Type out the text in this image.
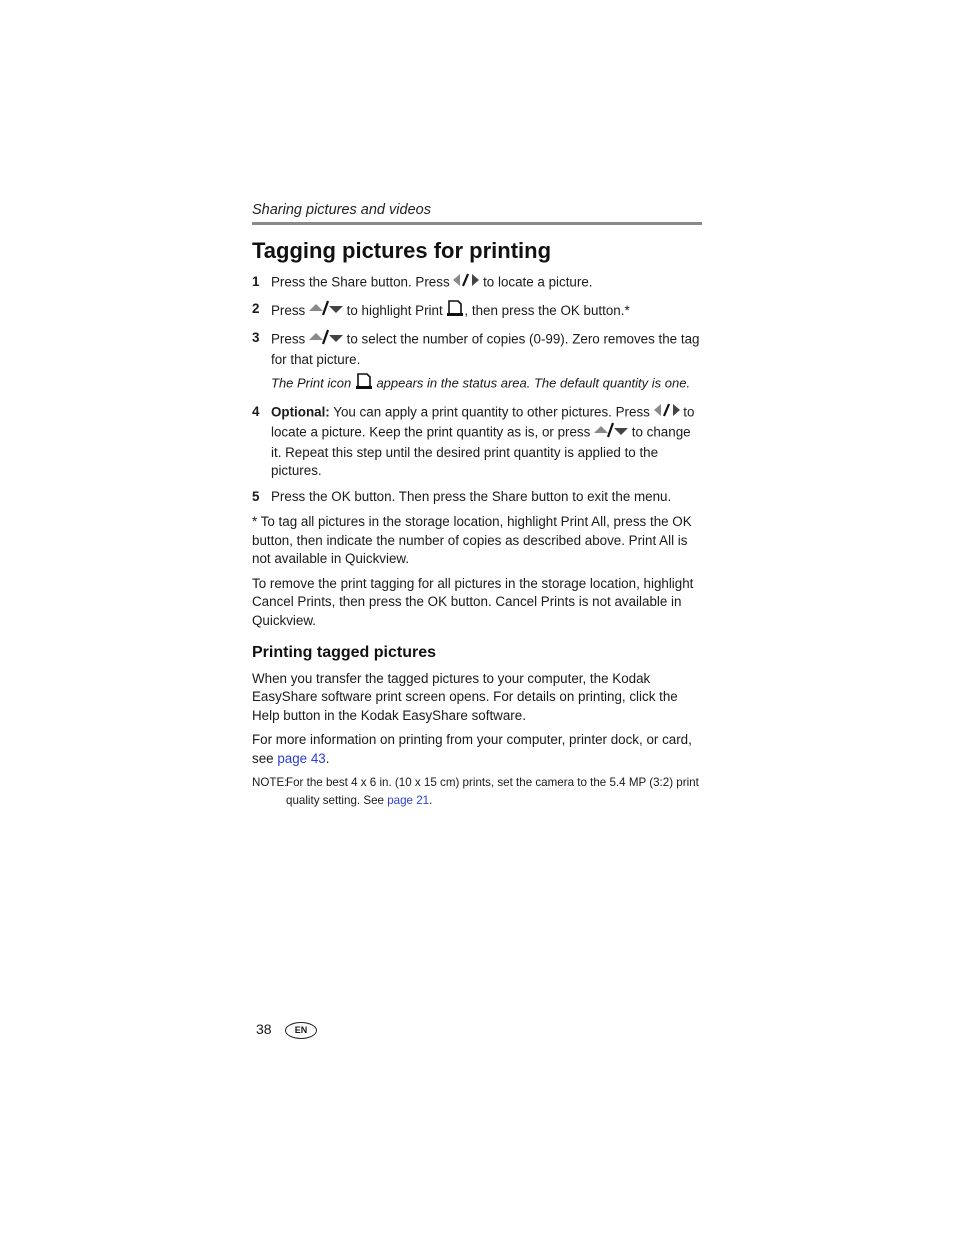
Sharing pictures and videos
Tagging pictures for printing
1 Press the Share button. Press  to locate a picture.
2 Press	to highlight Print , then press the OK button.*
3 Press	to select the number of copies (0-99). Zero removes the tag for that picture.
The Print icon  appears in the status area. The default quantity is one.
4 Optional: You can apply a print quantity to other pictures. Press  to locate a picture. Keep the print quantity as is, or press	to change it. Repeat this step until the desired print quantity is applied to the pictures.
5 Press the OK button. Then press the Share button to exit the menu.

* To tag all pictures in the storage location, highlight Print All, press the OK button, then indicate the number of copies as described above. Print All is not available in Quickview.

To remove the print tagging for all pictures in the storage location, highlight Cancel Prints, then press the OK button. Cancel Prints is not available in Quickview.

Printing tagged pictures

When you transfer the tagged pictures to your computer, the Kodak EasyShare software print screen opens. For details on printing, click the Help button in the Kodak EasyShare software.

For more information on printing from your computer, printer dock, or card, see page 43.

NOTE:
For the best 4 x 6 in. (10 x 15 cm) prints, set the camera to the 5.4 MP (3:2) print quality setting. See page 21.
38	EN
